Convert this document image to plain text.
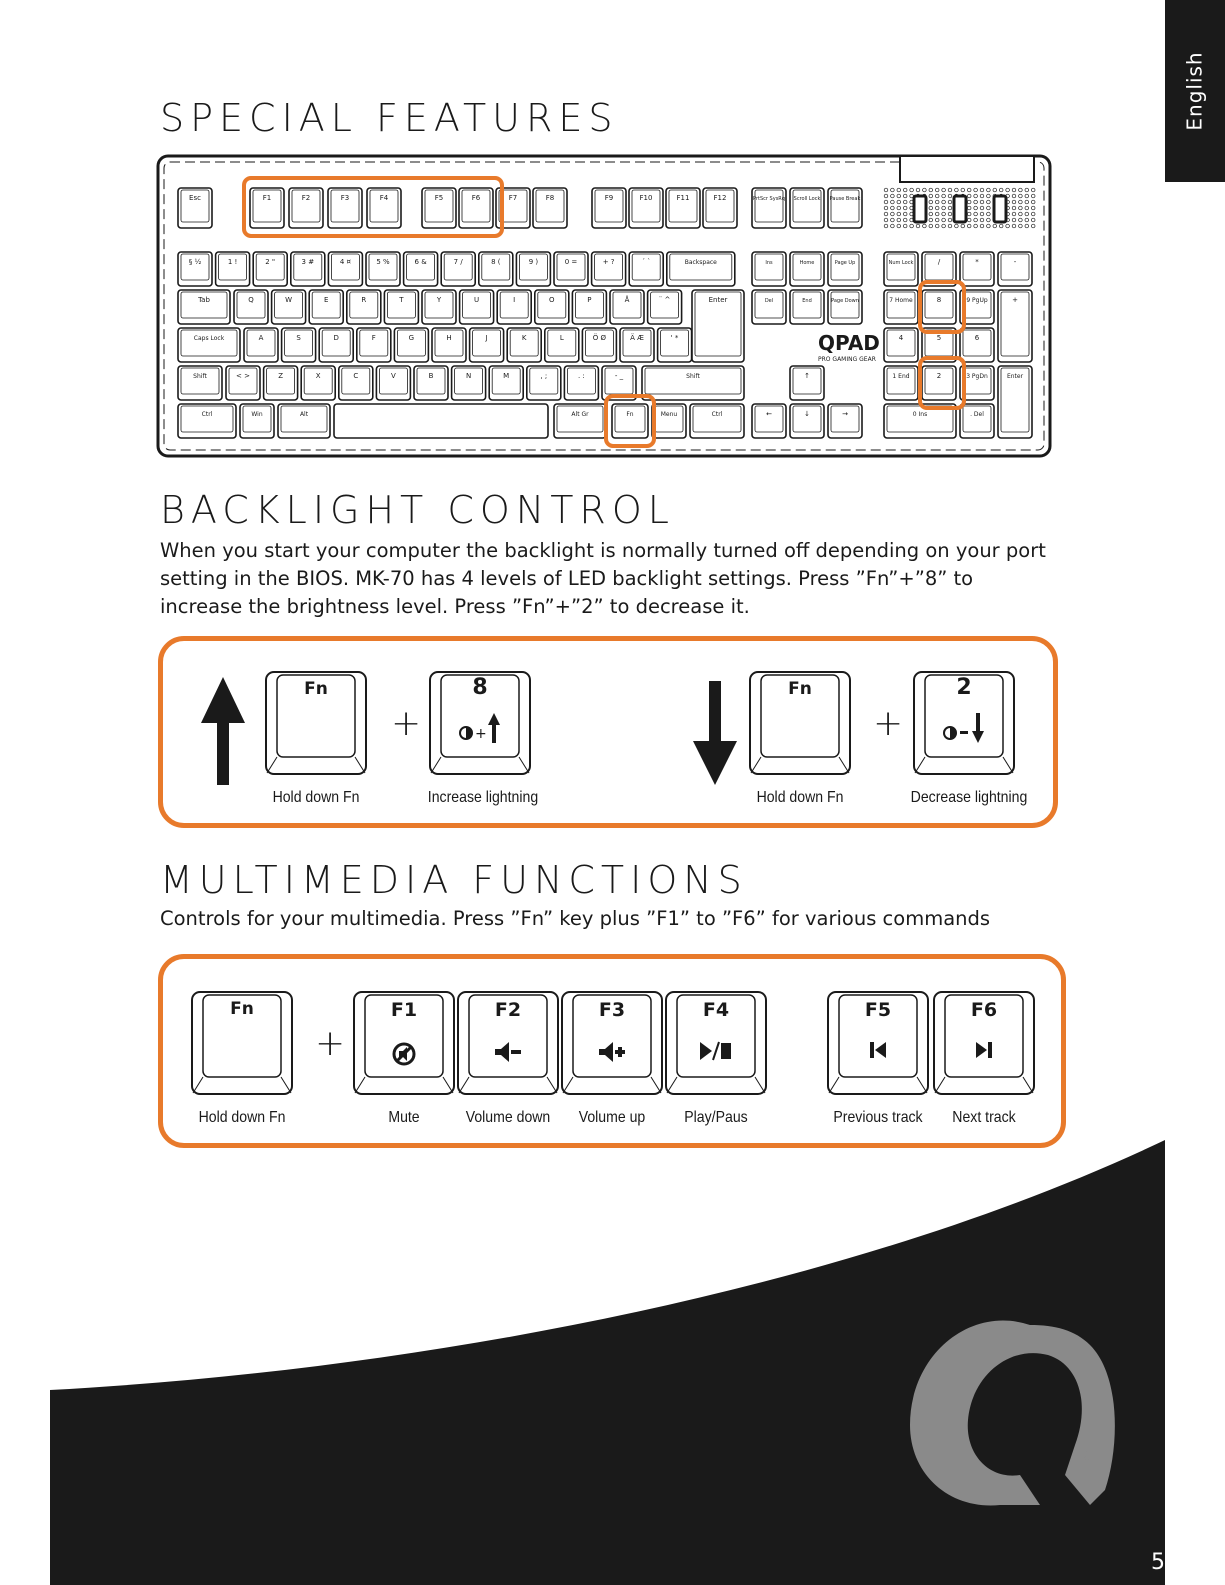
English
SPECIAL FEATURES
Esc	F1	F2	F3	F4	F5	F6	F7	F8	F9	F10	F11	F12	PrtScr SysRq Scroll Lock Pause Break
§ ½	1 !	2 "	3 #	4 ¤	5 %	6 &	7 /	8 (	9 )	0 =	+ ?	´ `	Backspace	Ins	Home	Page Up
Tab	Q	W	E	R	T	Y	U	I	O	P	Å	¨ ^	Enter	Del	End	Page Down
Caps Lock	A	S	D	F	G	H	J	K	L	Ö Ø	Ä Æ	' *
Shift	< >	Z	X	C	V	B	N	M	, ;	. :	- _	Shift	↑
Ctrl	Win	Alt	Alt Gr	Fn	Menu	Ctrl	←	↓	→
Num Lock	/	*	-
7 Home	8	9 PgUp	+
4	5	6
1 End	2	3 PgDn	Enter
0 Ins	. Del
QPAD
PRO GAMING GEAR
BACKLIGHT CONTROL
When you start your computer the backlight is normally turned off depending on your port setting in the BIOS. MK-70 has 4 levels of LED backlight settings. Press ”Fn”+”8” to increase the brightness level. Press ”Fn”+”2” to decrease it.
Fn
Hold down Fn
+
8
+
Increase lightning
Fn
Hold down Fn
+
2
Decrease lightning
MULTIMEDIA FUNCTIONS
Controls for your multimedia. Press ”Fn” key plus ”F1” to ”F6” for various commands
Fn
Hold down Fn
+
F1
Mute
F2
Volume down
F3
Volume up
F4
Play/Paus
F5
Previous track
F6
Next track
®
5
